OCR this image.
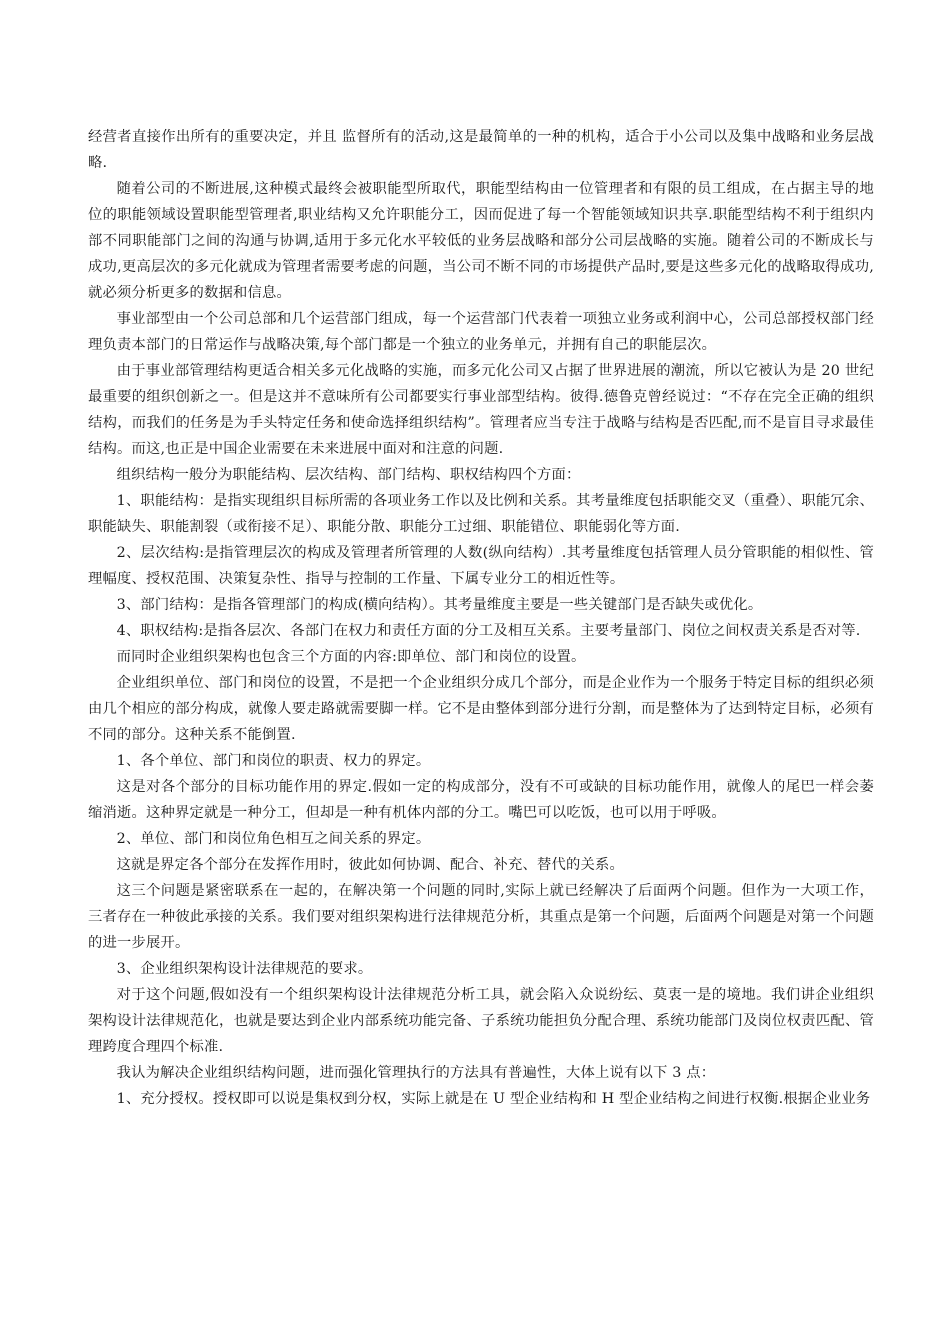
经营者直接作出所有的重要决定，并且 监督所有的活动,这是最简单的一种的机构，适合于小公司以及集中战略和业务层战略.

随着公司的不断进展,这种模式最终会被职能型所取代，职能型结构由一位管理者和有限的员工组成，在占据主导的地位的职能领域设置职能型管理者,职业结构又允许职能分工，因而促进了每一个智能领域知识共享.职能型结构不利于组织内部不同职能部门之间的沟通与协调,适用于多元化水平较低的业务层战略和部分公司层战略的实施。随着公司的不断成长与成功,更高层次的多元化就成为管理者需要考虑的问题，当公司不断不同的市场提供产品时,要是这些多元化的战略取得成功,就必须分析更多的数据和信息。

事业部型由一个公司总部和几个运营部门组成，每一个运营部门代表着一项独立业务或利润中心，公司总部授权部门经理负责本部门的日常运作与战略决策,每个部门都是一个独立的业务单元，并拥有自己的职能层次。

由于事业部管理结构更适合相关多元化战略的实施，而多元化公司又占据了世界进展的潮流，所以它被认为是 20 世纪最重要的组织创新之一。但是这并不意味所有公司都要实行事业部型结构。彼得.德鲁克曾经说过：“不存在完全正确的组织结构，而我们的任务是为手头特定任务和使命选择组织结构”。管理者应当专注于战略与结构是否匹配,而不是盲目寻求最佳结构。而这,也正是中国企业需要在未来进展中面对和注意的问题.

组织结构一般分为职能结构、层次结构、部门结构、职权结构四个方面：

1、职能结构：是指实现组织目标所需的各项业务工作以及比例和关系。其考量维度包括职能交叉（重叠）、职能冗余、职能缺失、职能割裂（或衔接不足）、职能分散、职能分工过细、职能错位、职能弱化等方面.

2、层次结构:是指管理层次的构成及管理者所管理的人数(纵向结构）.其考量维度包括管理人员分管职能的相似性、管理幅度、授权范围、决策复杂性、指导与控制的工作量、下属专业分工的相近性等。

3、部门结构：是指各管理部门的构成(横向结构）。其考量维度主要是一些关键部门是否缺失或优化。

4、职权结构:是指各层次、各部门在权力和责任方面的分工及相互关系。主要考量部门、岗位之间权责关系是否对等.

而同时企业组织架构也包含三个方面的内容:即单位、部门和岗位的设置。

企业组织单位、部门和岗位的设置，不是把一个企业组织分成几个部分，而是企业作为一个服务于特定目标的组织必须由几个相应的部分构成，就像人要走路就需要脚一样。它不是由整体到部分进行分割，而是整体为了达到特定目标，必须有不同的部分。这种关系不能倒置.

1、各个单位、部门和岗位的职责、权力的界定。

这是对各个部分的目标功能作用的界定.假如一定的构成部分，没有不可或缺的目标功能作用，就像人的尾巴一样会萎缩消逝。这种界定就是一种分工，但却是一种有机体内部的分工。嘴巴可以吃饭，也可以用于呼吸。

2、单位、部门和岗位角色相互之间关系的界定。

这就是界定各个部分在发挥作用时，彼此如何协调、配合、补充、替代的关系。

这三个问题是紧密联系在一起的，在解决第一个问题的同时,实际上就已经解决了后面两个问题。但作为一大项工作，三者存在一种彼此承接的关系。我们要对组织架构进行法律规范分析，其重点是第一个问题，后面两个问题是对第一个问题的进一步展开。

3、企业组织架构设计法律规范的要求。

对于这个问题,假如没有一个组织架构设计法律规范分析工具，就会陷入众说纷纭、莫衷一是的境地。我们讲企业组织架构设计法律规范化，也就是要达到企业内部系统功能完备、子系统功能担负分配合理、系统功能部门及岗位权责匹配、管理跨度合理四个标准.

我认为解决企业组织结构问题，进而强化管理执行的方法具有普遍性，大体上说有以下 3 点：

1、充分授权。授权即可以说是集权到分权，实际上就是在 U 型企业结构和 H 型企业结构之间进行权衡.根据企业业务
